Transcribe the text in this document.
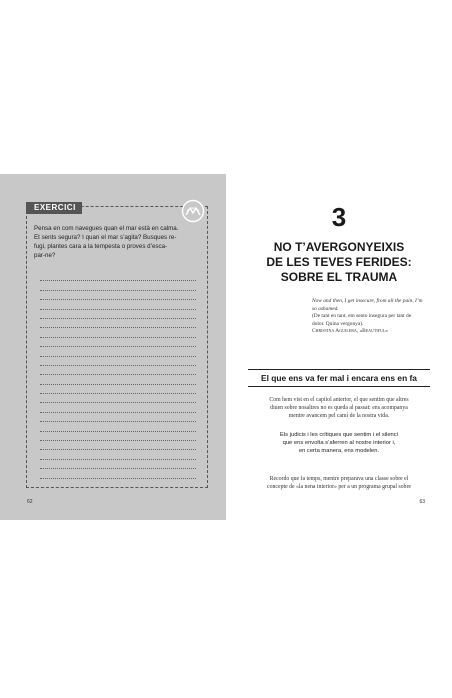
EXERCICI
Pensa en com navegues quan el mar està en calma.
Et sents segura? I quan el mar s’agita? Busques re-
fugi, plantes cara a la tempesta o proves d’esca-
par-ne?
62
3
NO T’AVERGONYEIXIS
DE LES TEVES FERIDES:
SOBRE EL TRAUMA
Now and then, I get insecure, from all the pain, I’m
so ashamed.
(De tant en tant, em sento insegura per tant de
dolor. Quina vergonya).
Christina Aguilera, «Beautiful»
El que ens va fer mal i encara ens en fa
Com hem vist en el capítol anterior, el que sentim que altres
diuen sobre nosaltres no es queda al passat: ens acompanya
mentre avancem pel camí de la nostra vida.
Els judicis i les crítiques que sentim i el silenci
que ens envolta s’aferren al nostre interior i,
en certa manera, ens modelen.
Recordo que fa temps, mentre preparava una classe sobre el
concepte de «la nena interior» per a un programa grupal sobre
63
